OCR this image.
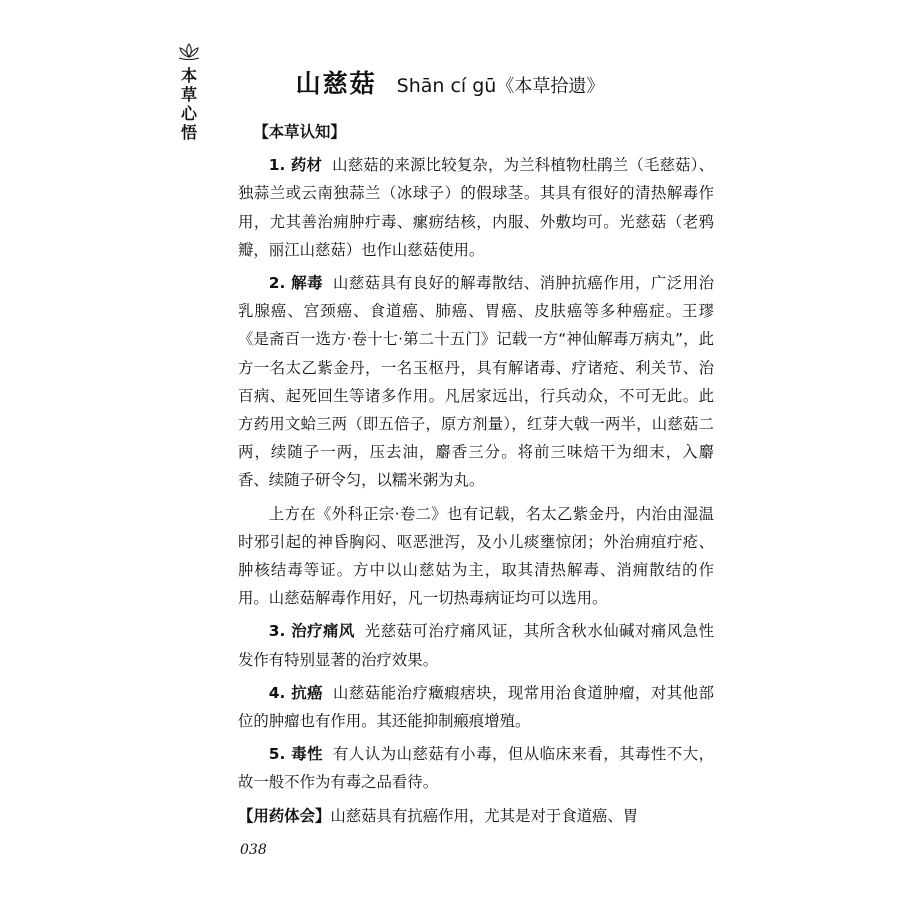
本
草
心
悟
山慈菇 Shān cí gū《本草拾遗》

【本草认知】

1. 药材 山慈菇的来源比较复杂，为兰科植物杜鹃兰（毛慈菇）、独蒜兰或云南独蒜兰（冰球子）的假球茎。其具有很好的清热解毒作用，尤其善治痈肿疔毒、瘰疬结核，内服、外敷均可。光慈菇（老鸦瓣，丽江山慈菇）也作山慈菇使用。

2. 解毒 山慈菇具有良好的解毒散结、消肿抗癌作用，广泛用治乳腺癌、宫颈癌、食道癌、肺癌、胃癌、皮肤癌等多种癌症。王璆《是斋百一选方·卷十七·第二十五门》记载一方“神仙解毒万病丸”，此方一名太乙紫金丹，一名玉枢丹，具有解诸毒、疗诸疮、利关节、治百病、起死回生等诸多作用。凡居家远出，行兵动众，不可无此。此方药用文蛤三两（即五倍子，原方剂量），红芽大戟一两半，山慈菇二两，续随子一两，压去油，麝香三分。将前三味焙干为细末，入麝香、续随子研令匀，以糯米粥为丸。

上方在《外科正宗·卷二》也有记载，名太乙紫金丹，内治由湿温时邪引起的神昏胸闷、呕恶泄泻，及小儿痰壅惊闭；外治痈疽疔疮、肿核结毒等证。方中以山慈姑为主，取其清热解毒、消痈散结的作用。山慈菇解毒作用好，凡一切热毒病证均可以选用。

3. 治疗痛风 光慈菇可治疗痛风证，其所含秋水仙碱对痛风急性发作有特别显著的治疗效果。

4. 抗癌 山慈菇能治疗癥瘕痞块，现常用治食道肿瘤，对其他部位的肿瘤也有作用。其还能抑制瘢痕增殖。

5. 毒性 有人认为山慈菇有小毒，但从临床来看，其毒性不大，故一般不作为有毒之品看待。

【用药体会】山慈菇具有抗癌作用，尤其是对于食道癌、胃

038
